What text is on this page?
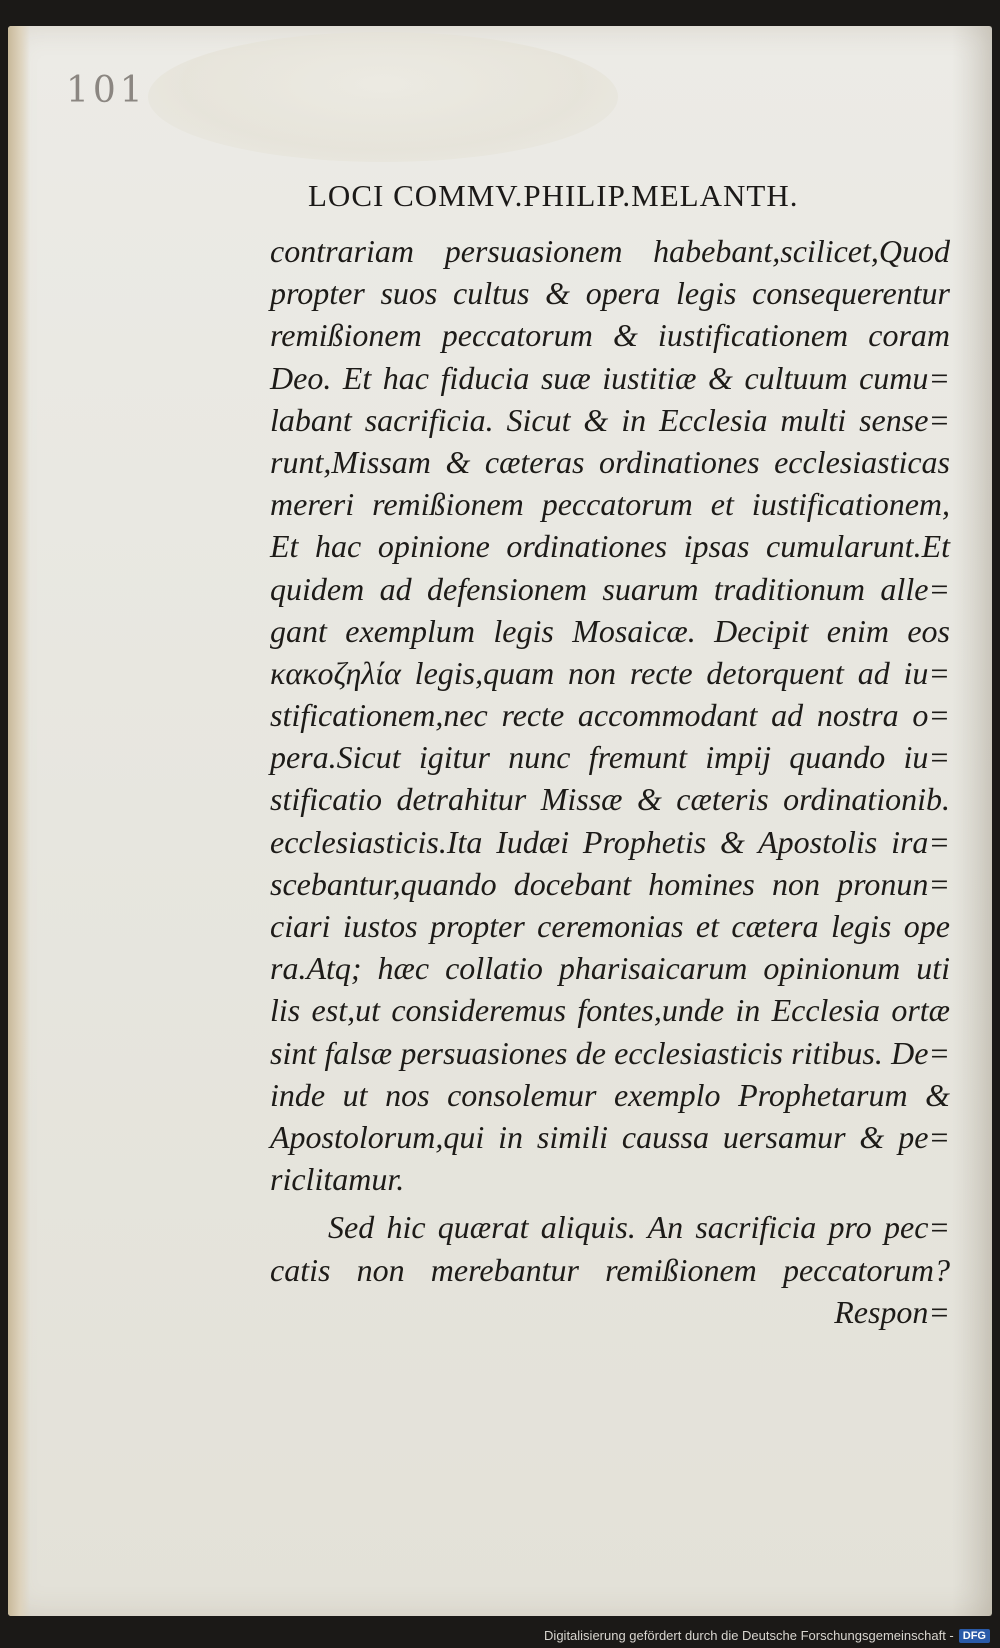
101
LOCI COMMV.PHILIP.MELANTH.
contrariam persuasionem habebant,scilicet,Quod
propter suos cultus & opera legis consequerentur
remißionem peccatorum & iustificationem coram
Deo. Et hac fiducia suæ iustitiæ & cultuum cumu=
labant sacrificia. Sicut & in Ecclesia multi sense=
runt,Missam & cæteras ordinationes ecclesiasticas
mereri remißionem peccatorum et iustificationem,
Et hac opinione ordinationes ipsas cumularunt.Et
quidem ad defensionem suarum traditionum alle=
gant exemplum legis Mosaicæ. Decipit enim eos
κακοζηλία legis,quam non recte detorquent ad iu=
stificationem,nec recte accommodant ad nostra o=
pera.Sicut igitur nunc fremunt impij quando iu=
stificatio detrahitur Missæ & cæteris ordinationib.
ecclesiasticis.Ita Iudæi Prophetis & Apostolis ira=
scebantur,quando docebant homines non pronun=
ciari iustos propter ceremonias et cætera legis ope
ra.Atq; hæc collatio pharisaicarum opinionum uti
lis est,ut consideremus fontes,unde in Ecclesia ortæ
sint falsæ persuasiones de ecclesiasticis ritibus. De=
inde ut nos consolemur exemplo Prophetarum &
Apostolorum,qui in simili caussa uersamur & pe=
riclitamur.
Sed hic quærat aliquis. An sacrificia pro pec=
catis non merebantur remißionem peccatorum?
Respon=
Digitalisierung gefördert durch die Deutsche Forschungsgemeinschaft - DFG
